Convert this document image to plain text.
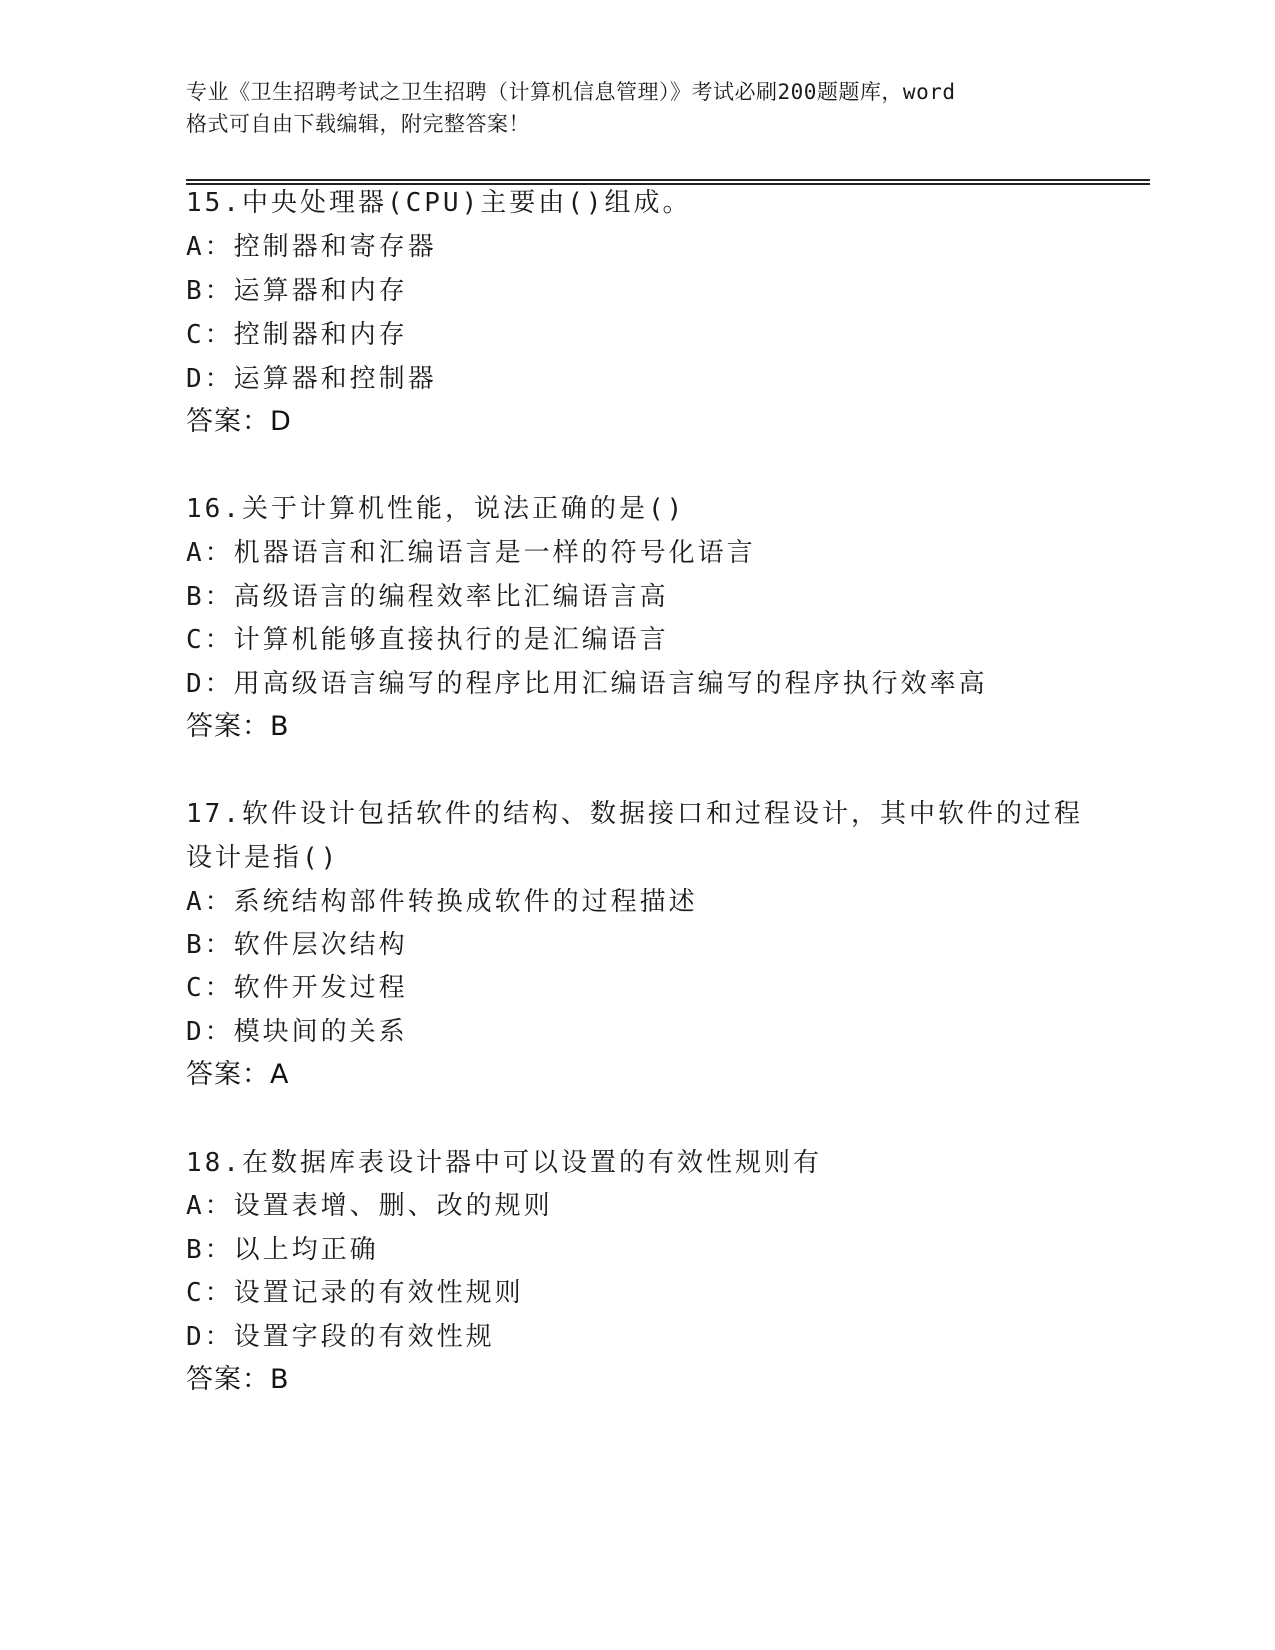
专业《卫生招聘考试之卫生招聘（计算机信息管理）》考试必刷200题题库，word
格式可自由下载编辑，附完整答案！
15.中央处理器(CPU)主要由()组成。
A：控制器和寄存器
B：运算器和内存
C：控制器和内存
D：运算器和控制器
答案：D
16.关于计算机性能，说法正确的是()
A：机器语言和汇编语言是一样的符号化语言
B：高级语言的编程效率比汇编语言高
C：计算机能够直接执行的是汇编语言
D：用高级语言编写的程序比用汇编语言编写的程序执行效率高
答案：B
17.软件设计包括软件的结构、数据接口和过程设计，其中软件的过程
设计是指()
A：系统结构部件转换成软件的过程描述
B：软件层次结构
C：软件开发过程
D：模块间的关系
答案：A
18.在数据库表设计器中可以设置的有效性规则有
A：设置表增、删、改的规则
B：以上均正确
C：设置记录的有效性规则
D：设置字段的有效性规
答案：B
